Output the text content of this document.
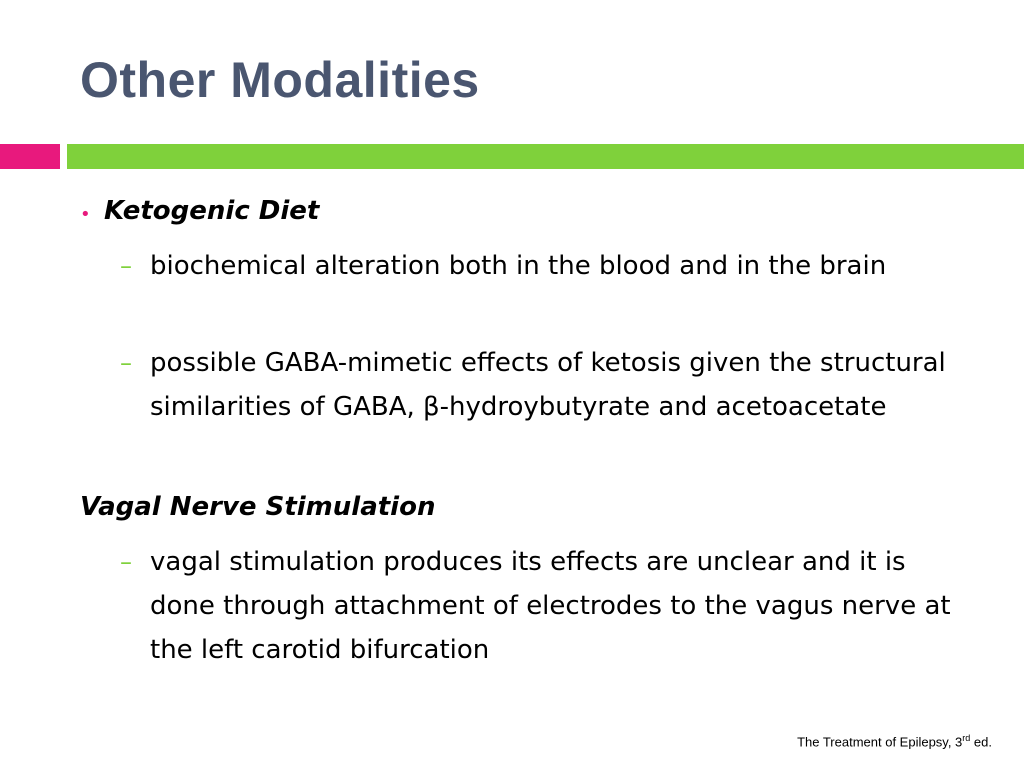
Other Modalities
• Ketogenic Diet
– biochemical alteration both in the blood and in the brain
– possible GABA-mimetic effects of ketosis given the structural similarities of GABA, β-hydroybutyrate and acetoacetate
Vagal Nerve Stimulation
– vagal stimulation produces its effects are unclear and it is done through attachment of electrodes to the vagus nerve at the left carotid bifurcation
The Treatment of Epilepsy, 3rd ed.
